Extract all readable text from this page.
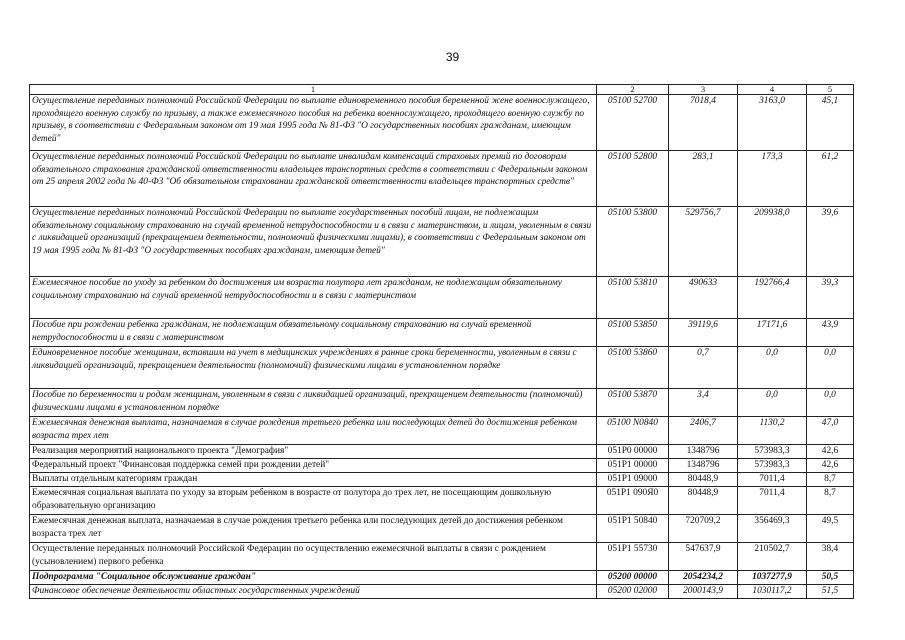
39
1	2	3	4	5
Осуществление переданных полномочий Российской Федерации по выплате единовременного пособия беременной жене военнослужащего, проходящего военную службу по призыву, а также ежемесячного пособия на ребенка военнослужащего, проходящего военную службу по призыву, в соответствии с Федеральным законом от 19 мая 1995 года № 81-ФЗ "О государственных пособиях гражданам, имеющим детей"	05100 52700	7018,4	3163,0	45,1
Осуществление переданных полномочий Российской Федерации по выплате инвалидам компенсаций страховых премий по договорам обязательного страхования гражданской ответственности владельцев транспортных средств в соответствии с Федеральным законом от 25 апреля 2002 года № 40-ФЗ "Об обязательном страховании гражданской ответственности владельцев транспортных средств"	05100 52800	283,1	173,3	61,2
Осуществление переданных полномочий Российской Федерации по выплате государственных пособий лицам, не подлежащим обязательному социальному страхованию на случай временной нетрудоспособности и в связи с материнством, и лицам, уволенным в связи с ликвидацией организаций (прекращением деятельности, полномочий физическими лицами), в соответствии с Федеральным законом от 19 мая 1995 года № 81-ФЗ "О государственных пособиях гражданам, имеющим детей"	05100 53800	529756,7	209938,0	39,6
Ежемесячное пособие по уходу за ребенком до достижения им возраста полутора лет гражданам, не подлежащим обязательному социальному страхованию на случай временной нетрудоспособности и в связи с материнством	05100 53810	490633	192766,4	39,3
Пособие при рождении ребенка гражданам, не подлежащим обязательному социальному страхованию на случай временной нетрудоспособности и в связи с материнством	05100 53850	39119,6	17171,6	43,9
Единовременное пособие женщинам, вставшим на учет в медицинских учреждениях в ранние сроки беременности, уволенным в связи с ликвидацией организаций, прекращением деятельности (полномочий) физическими лицами в установленном порядке	05100 53860	0,7	0,0	0,0
Пособие по беременности и родам женщинам, уволенным в связи с ликвидацией организаций, прекращением деятельности (полномочий) физическими лицами в установленном порядке	05100 53870	3,4	0,0	0,0
Ежемесячная денежная выплата, назначаемая в случае рождения третьего ребенка или последующих детей до достижения ребенком возраста трех лет	05100 N0840	2406,7	1130,2	47,0
Реализация мероприятий национального проекта "Демография"	051P0 00000	1348796	573983,3	42,6
Федеральный проект "Финансовая поддержка семей при рождении детей"	051P1 00000	1348796	573983,3	42,6
Выплаты отдельным категориям граждан	051P1 09000	80448,9	7011,4	8,7
Ежемесячная социальная выплата по уходу за вторым ребенком в возрасте от полутора до трех лет, не посещающим дошкольную образовательную организацию	051P1 090Я0	80448,9	7011,4	8,7
Ежемесячная денежная выплата, назначаемая в случае рождения третьего ребенка или последующих детей до достижения ребенком возраста трех лет	051P1 50840	720709,2	356469,3	49,5
Осуществление переданных полномочий Российской Федерации по осуществлению ежемесячной выплаты в связи с рождением (усыновлением) первого ребенка	051P1 55730	547637,9	210502,7	38,4
Подпрограмма "Социальное обслуживание граждан"	05200 00000	2054234,2	1037277,9	50,5
Финансовое обеспечение деятельности областных государственных учреждений	05200 02000	2000143,9	1030117,2	51,5
